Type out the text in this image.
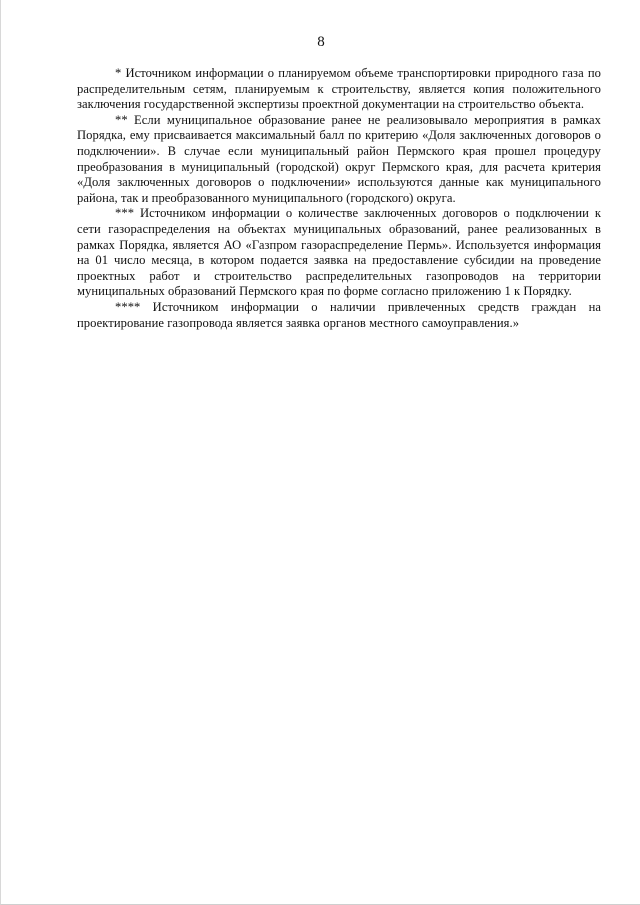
8

* Источником информации о планируемом объеме транспортировки природного газа по распределительным сетям, планируемым к строительству, является копия положительного заключения государственной экспертизы проектной документации на строительство объекта.

** Если муниципальное образование ранее не реализовывало мероприятия в рамках Порядка, ему присваивается максимальный балл по критерию «Доля заключенных договоров о подключении». В случае если муниципальный район Пермского края прошел процедуру преобразования в муниципальный (городской) округ Пермского края, для расчета критерия «Доля заключенных договоров о подключении» используются данные как муниципального района, так и преобразованного муниципального (городского) округа.

*** Источником информации о количестве заключенных договоров о подключении к сети газораспределения на объектах муниципальных образований, ранее реализованных в рамках Порядка, является АО «Газпром газораспределение Пермь». Используется информация на 01 число месяца, в котором подается заявка на предоставление субсидии на проведение проектных работ и строительство распределительных газопроводов на территории муниципальных образований Пермского края по форме согласно приложению 1 к Порядку.

**** Источником информации о наличии привлеченных средств граждан на проектирование газопровода является заявка органов местного самоуправления.»
